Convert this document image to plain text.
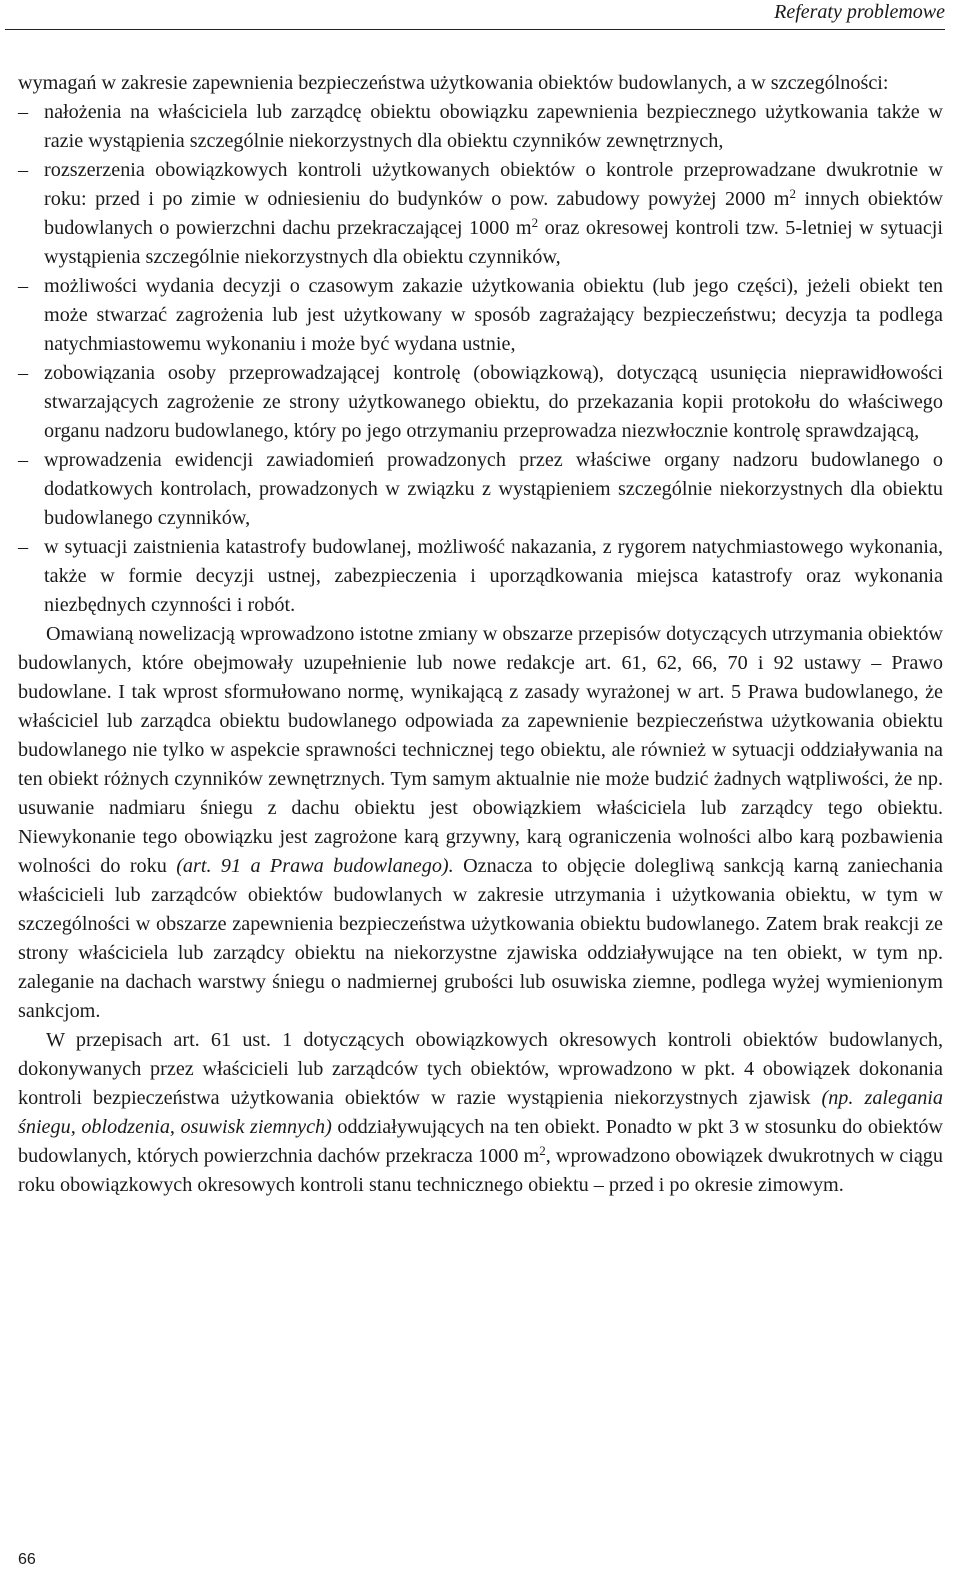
Referaty problemowe

wymagań w zakresie zapewnienia bezpieczeństwa użytkowania obiektów budowlanych, a w szczególności:

– nałożenia na właściciela lub zarządcę obiektu obowiązku zapewnienia bezpiecznego użytkowania także w razie wystąpienia szczególnie niekorzystnych dla obiektu czynników zewnętrznych,
– rozszerzenia obowiązkowych kontroli użytkowanych obiektów o kontrole przeprowadzane dwukrotnie w roku: przed i po zimie w odniesieniu do budynków o pow. zabudowy powyżej 2000 $m^2$ innych obiektów budowlanych o powierzchni dachu przekraczającej 1000 $m^2$ oraz okresowej kontroli tzw. 5-letniej w sytuacji wystąpienia szczególnie niekorzystnych dla obiektu czynników,
– możliwości wydania decyzji o czasowym zakazie użytkowania obiektu (lub jego części), jeżeli obiekt ten może stwarzać zagrożenia lub jest użytkowany w sposób zagrażający bezpieczeństwu; decyzja ta podlega natychmiastowemu wykonaniu i może być wydana ustnie,
– zobowiązania osoby przeprowadzającej kontrolę (obowiązkową), dotyczącą usunięcia nieprawidłowości stwarzających zagrożenie ze strony użytkowanego obiektu, do przekazania kopii protokołu do właściwego organu nadzoru budowlanego, który po jego otrzymaniu przeprowadza niezwłocznie kontrolę sprawdzającą,
– wprowadzenia ewidencji zawiadomień prowadzonych przez właściwe organy nadzoru budowlanego o dodatkowych kontrolach, prowadzonych w związku z wystąpieniem szczególnie niekorzystnych dla obiektu budowlanego czynników,
– w sytuacji zaistnienia katastrofy budowlanej, możliwość nakazania, z rygorem natychmiastowego wykonania, także w formie decyzji ustnej, zabezpieczenia i uporządkowania miejsca katastrofy oraz wykonania niezbędnych czynności i robót.

Omawianą nowelizacją wprowadzono istotne zmiany w obszarze przepisów dotyczących utrzymania obiektów budowlanych, które obejmowały uzupełnienie lub nowe redakcje art. 61, 62, 66, 70 i 92 ustawy – Prawo budowlane. I tak wprost sformułowano normę, wynikającą z zasady wyrażonej w art. 5 Prawa budowlanego, że właściciel lub zarządca obiektu budowlanego odpowiada za zapewnienie bezpieczeństwa użytkowania obiektu budowlanego nie tylko w aspekcie sprawności technicznej tego obiektu, ale również w sytuacji oddziaływania na ten obiekt różnych czynników zewnętrznych. Tym samym aktualnie nie może budzić żadnych wątpliwości, że np. usuwanie nadmiaru śniegu z dachu obiektu jest obowiązkiem właściciela lub zarządcy tego obiektu. Niewykonanie tego obowiązku jest zagrożone karą grzywny, karą ograniczenia wolności albo karą pozbawienia wolności do roku (art. 91 a Prawa budowlanego). Oznacza to objęcie dolegliwą sankcją karną zaniechania właścicieli lub zarządców obiektów budowlanych w zakresie utrzymania i użytkowania obiektu, w tym w szczególności w obszarze zapewnienia bezpieczeństwa użytkowania obiektu budowlanego. Zatem brak reakcji ze strony właściciela lub zarządcy obiektu na niekorzystne zjawiska oddziaływujące na ten obiekt, w tym np. zaleganie na dachach warstwy śniegu o nadmiernej grubości lub osuwiska ziemne, podlega wyżej wymienionym sankcjom.

W przepisach art. 61 ust. 1 dotyczących obowiązkowych okresowych kontroli obiektów budowlanych, dokonywanych przez właścicieli lub zarządców tych obiektów, wprowadzono w pkt. 4 obowiązek dokonania kontroli bezpieczeństwa użytkowania obiektów w razie wystąpienia niekorzystnych zjawisk (np. zalegania śniegu, oblodzenia, osuwisk ziemnych) oddziaływujących na ten obiekt. Ponadto w pkt 3 w stosunku do obiektów budowlanych, których powierzchnia dachów przekracza 1000 $m^2$, wprowadzono obowiązek dwukrotnych w ciągu roku obowiązkowych okresowych kontroli stanu technicznego obiektu – przed i po okresie zimowym.

66
